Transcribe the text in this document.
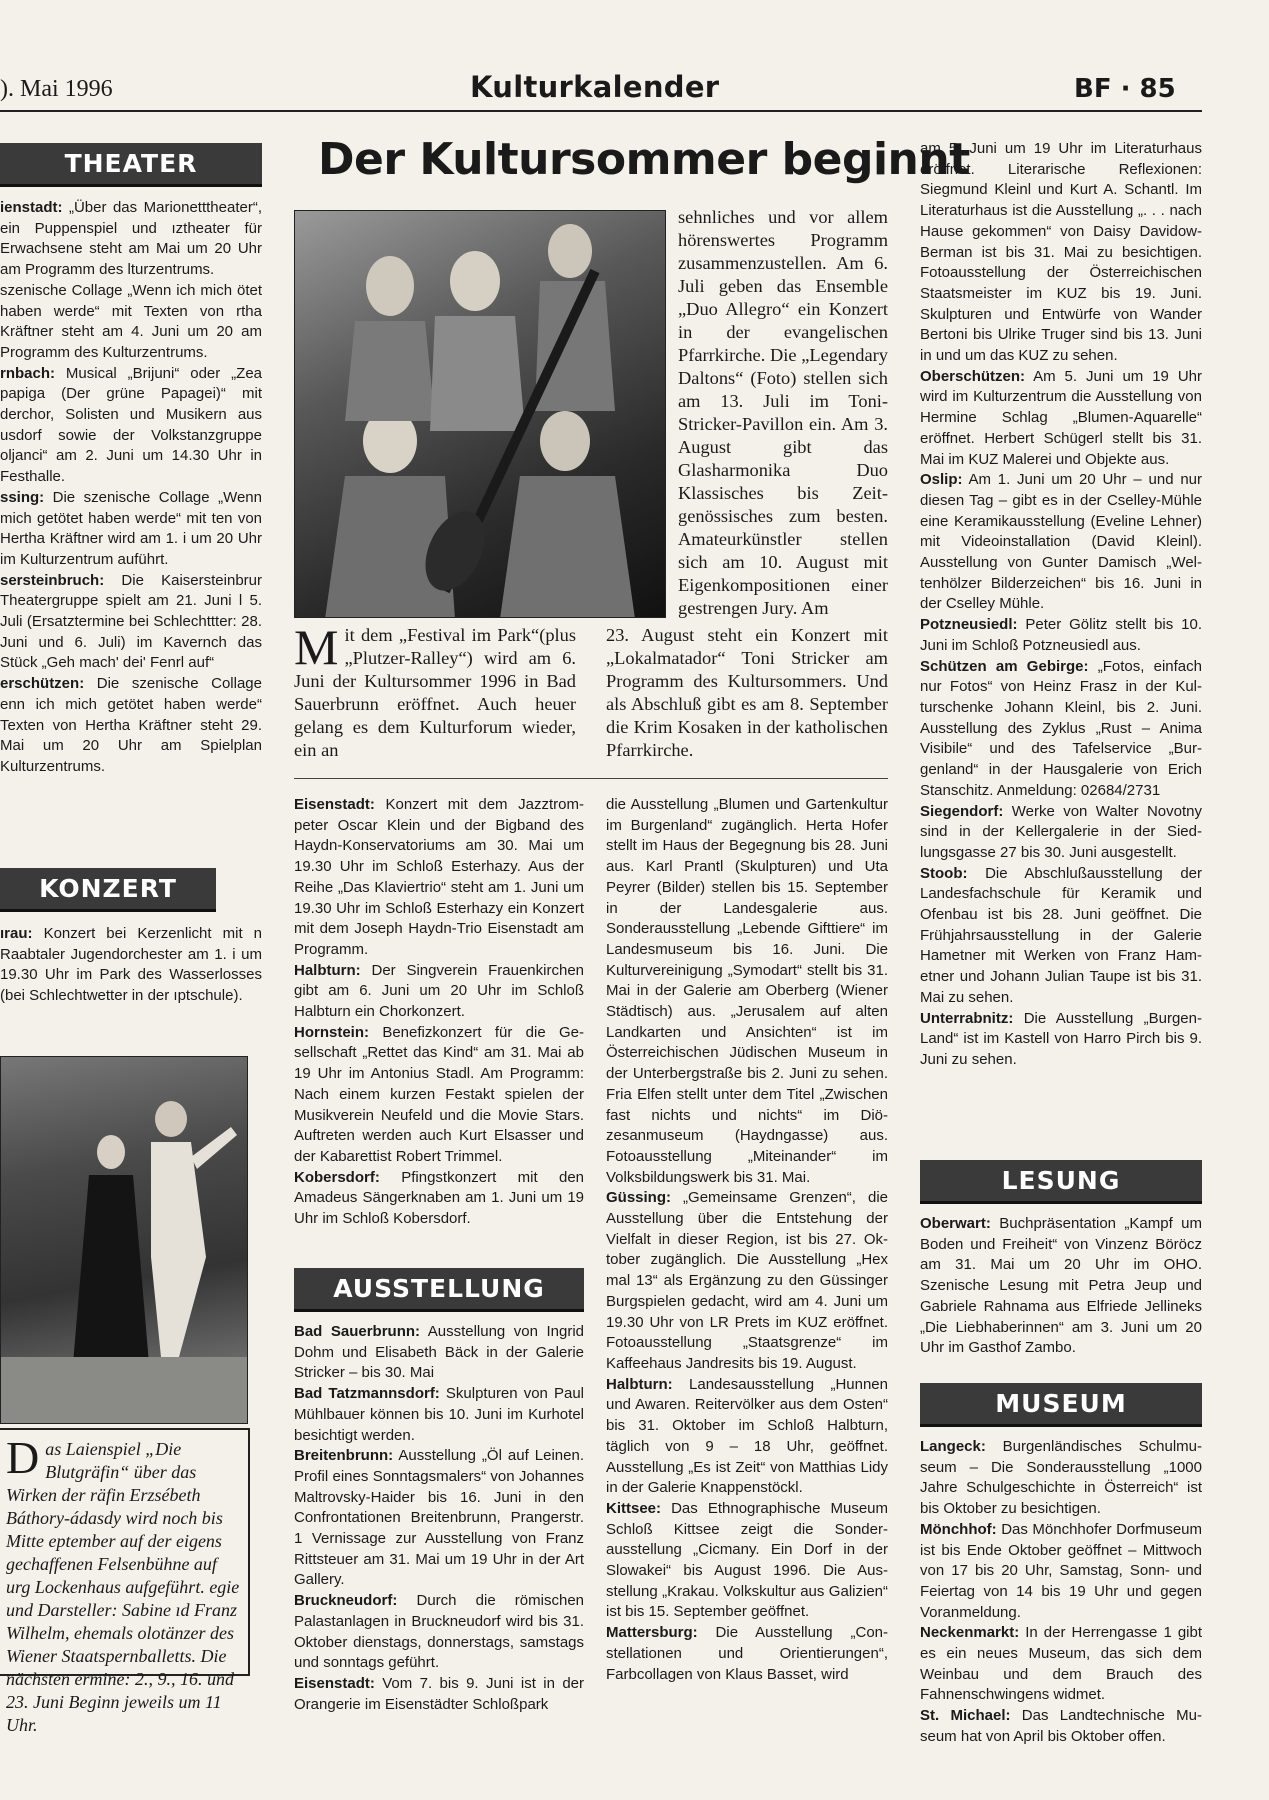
). Mai 1996	Kulturkalender	BF · 85
THEATER

ienstadt: „Über das Marionetttheater“, ein Puppenspiel und ıztheater für Erwachsene steht am Mai um 20 Uhr am Programm des lturzentrums.

szenische Collage „Wenn ich mich ötet haben werde“ mit Texten von rtha Kräftner steht am 4. Juni um 20 am Programm des Kulturzentrums.

rnbach: Musical „Brijuni“ oder „Zea papiga (Der grüne Papagei)“ mit derchor, Solisten und Musikern aus usdorf sowie der Volkstanzgruppe oljanci“ am 2. Juni um 14.30 Uhr in Festhalle.

ssing: Die szenische Collage „Wenn mich getötet haben werde“ mit ten von Hertha Kräftner wird am 1. i um 20 Uhr im Kulturzentrum auführt.

sersteinbruch: Die Kaisersteinbrur Theatergruppe spielt am 21. Juni l 5. Juli (Ersatztermine bei Schlechttter: 28. Juni und 6. Juli) im Kavernch das Stück „Geh mach' dei' Fenrl auf“

erschützen: Die szenische Collage enn ich mich getötet haben werde“ Texten von Hertha Kräftner steht 29. Mai um 20 Uhr am Spielplan Kulturzentrums.

KONZERT

ırau: Konzert bei Kerzenlicht mit n Raabtaler Jugendorchester am 1. i um 19.30 Uhr im Park des Wasserlosses (bei Schlechtwetter in der ıptschule).

D as Laienspiel „Die Blutgräfin“ über das Wirken der räfin Erzsébeth Báthory-ádasdy wird noch bis Mitte eptember auf der eigens gechaffenen Felsenbühne auf urg Lockenhaus aufgeführt. egie und Darsteller: Sabine ıd Franz Wilhelm, ehemals olotänzer des Wiener Staatspernballetts. Die nächsten ermine: 2., 9., 16. und 23. Juni Beginn jeweils um 11 Uhr.
Der Kultursommer beginnt
sehnliches und vor allem hörenswertes Programm zusammenzustellen. Am 6. Juli geben das Ensemble „Duo Allegro“ ein Konzert in der evangelischen Pfarrkirche. Die „Legendary Daltons“ (Foto) stellen sich am 13. Juli im Toni-Stricker-Pavillon ein. Am 3. August gibt das Glasharmonika Duo Klassisches bis Zeitgenössisches zum besten. Amateurkünstler stellen sich am 10. August mit Eigenkompositionen einer gestrengen Jury. Am
M it dem „Festival im Park“(plus „Plutzer-Ralley“) wird am 6. Juni der Kultursommer 1996 in Bad Sauerbrunn eröffnet. Auch heuer gelang es dem Kulturforum wieder, ein an
23. August steht ein Konzert mit „Lokalmatador“ Toni Stricker am Programm des Kultursommers. Und als Abschluß gibt es am 8. September die Krim Kosaken in der katholischen Pfarrkirche.

Eisenstadt: Konzert mit dem Jazztrompeter Oscar Klein und der Bigband des Haydn-Konservatoriums am 30. Mai um 19.30 Uhr im Schloß Esterhazy. Aus der Reihe „Das Klaviertrio“ steht am 1. Juni um 19.30 Uhr im Schloß Esterhazy ein Konzert mit dem Joseph Haydn-Trio Eisenstadt am Programm.

Halbturn: Der Singverein Frauenkirchen gibt am 6. Juni um 20 Uhr im Schloß Halbturn ein Chorkonzert.

Hornstein: Benefizkonzert für die Gesellschaft „Rettet das Kind“ am 31. Mai ab 19 Uhr im Antonius Stadl. Am Programm: Nach einem kurzen Festakt spielen der Musikverein Neufeld und die Movie Stars. Auftreten werden auch Kurt Elsasser und der Kabarettist Robert Trimmel.

Kobersdorf: Pfingstkonzert mit den Amadeus Sängerknaben am 1. Juni um 19 Uhr im Schloß Kobersdorf.

AUSSTELLUNG

Bad Sauerbrunn: Ausstellung von Ingrid Dohm und Elisabeth Bäck in der Galerie Stricker – bis 30. Mai

Bad Tatzmannsdorf: Skulpturen von Paul Mühlbauer können bis 10. Juni im Kurhotel besichtigt werden.

Breitenbrunn: Ausstellung „Öl auf Leinen. Profil eines Sonntagsmalers“ von Johannes Maltrovsky-Haider bis 16. Juni in den Confrontationen Breitenbrunn, Prangerstr. 1 Vernissage zur Ausstellung von Franz Rittsteuer am 31. Mai um 19 Uhr in der Art Gallery.

Bruckneudorf: Durch die römischen Palastanlagen in Bruckneudorf wird bis 31. Oktober dienstags, donnerstags, samstags und sonntags geführt.

Eisenstadt: Vom 7. bis 9. Juni ist in der Orangerie im Eisenstädter Schloßpark

die Ausstellung „Blumen und Gartenkultur im Burgenland“ zugänglich. Herta Hofer stellt im Haus der Begegnung bis 28. Juni aus. Karl Prantl (Skulpturen) und Uta Peyrer (Bilder) stellen bis 15. September in der Landesgalerie aus. Sonderausstellung „Lebende Gifttiere“ im Landesmuseum bis 16. Juni. Die Kulturvereinigung „Symodart“ stellt bis 31. Mai in der Galerie am Oberberg (Wiener Städtisch) aus. „Jerusalem auf alten Landkarten und Ansichten“ ist im Österreichischen Jüdischen Museum in der Unterbergstraße bis 2. Juni zu sehen. Fria Elfen stellt unter dem Titel „Zwischen fast nichts und nichts“ im Diözesanmuseum (Haydngasse) aus. Fotoausstellung „Miteinander“ im Volksbildungswerk bis 31. Mai.

Güssing: „Gemeinsame Grenzen“, die Ausstellung über die Entstehung der Vielfalt in dieser Region, ist bis 27. Oktober zugänglich. Die Ausstellung „Hex mal 13“ als Ergänzung zu den Güssinger Burgspielen gedacht, wird am 4. Juni um 19.30 Uhr von LR Prets im KUZ eröffnet. Fotoausstellung „Staatsgrenze“ im Kaffeehaus Jandresits bis 19. August.

Halbturn: Landesausstellung „Hunnen und Awaren. Reitervölker aus dem Osten“ bis 31. Oktober im Schloß Halbturn, täglich von 9 – 18 Uhr, geöffnet. Ausstellung „Es ist Zeit“ von Matthias Lidy in der Galerie Knappenstöckl.

Kittsee: Das Ethnographische Museum Schloß Kittsee zeigt die Sonderausstellung „Cicmany. Ein Dorf in der Slowakei“ bis August 1996. Die Ausstellung „Krakau. Volkskultur aus Galizien“ ist bis 15. September geöffnet.

Mattersburg: Die Ausstellung „Constellationen und Orientierungen“, Farbcollagen von Klaus Basset, wird

am 5. Juni um 19 Uhr im Literaturhaus eröffnet. Literarische Reflexionen: Siegmund Kleinl und Kurt A. Schantl. Im Literaturhaus ist die Ausstellung „. . . nach Hause gekommen“ von Daisy Davidow-Berman ist bis 31. Mai zu besichtigen. Fotoausstellung der Österreichischen Staatsmeister im KUZ bis 19. Juni. Skulpturen und Entwürfe von Wander Bertoni bis Ulrike Truger sind bis 13. Juni in und um das KUZ zu sehen.

Oberschützen: Am 5. Juni um 19 Uhr wird im Kulturzentrum die Ausstellung von Hermine Schlag „Blumen-Aquarelle“ eröffnet. Herbert Schügerl stellt bis 31. Mai im KUZ Malerei und Objekte aus.

Oslip: Am 1. Juni um 20 Uhr – und nur diesen Tag – gibt es in der Cselley-Mühle eine Keramikausstellung (Eveline Lehner) mit Videoinstallation (David Kleinl). Ausstellung von Gunter Damisch „Weltenhölzer Bilderzeichen“ bis 16. Juni in der Cselley Mühle.

Potzneusiedl: Peter Gölitz stellt bis 10. Juni im Schloß Potzneusiedl aus.

Schützen am Gebirge: „Fotos, einfach nur Fotos“ von Heinz Frasz in der Kulturschenke Johann Kleinl, bis 2. Juni. Ausstellung des Zyklus „Rust – Anima Visibile“ und des Tafelservice „Burgenland“ in der Hausgalerie von Erich Stanschitz. Anmeldung: 02684/2731

Siegendorf: Werke von Walter Novotny sind in der Kellergalerie in der Siedlungsgasse 27 bis 30. Juni ausgestellt.

Stoob: Die Abschlußausstellung der Landesfachschule für Keramik und Ofenbau ist bis 28. Juni geöffnet. Die Frühjahrsausstellung in der Galerie Hametner mit Werken von Franz Hametner und Johann Julian Taupe ist bis 31. Mai zu sehen.

Unterrabnitz: Die Ausstellung „Burgen-Land“ ist im Kastell von Harro Pirch bis 9. Juni zu sehen.

LESUNG

Oberwart: Buchpräsentation „Kampf um Boden und Freiheit“ von Vinzenz Böröcz am 31. Mai um 20 Uhr im OHO. Szenische Lesung mit Petra Jeup und Gabriele Rahnama aus Elfriede Jellineks „Die Liebhaberinnen“ am 3. Juni um 20 Uhr im Gasthof Zambo.

MUSEUM

Langeck: Burgenländisches Schulmuseum – Die Sonderausstellung „1000 Jahre Schulgeschichte in Österreich“ ist bis Oktober zu besichtigen.

Mönchhof: Das Mönchhofer Dorfmuseum ist bis Ende Oktober geöffnet – Mittwoch von 17 bis 20 Uhr, Samstag, Sonn- und Feiertag von 14 bis 19 Uhr und gegen Voranmeldung.

Neckenmarkt: In der Herrengasse 1 gibt es ein neues Museum, das sich dem Weinbau und dem Brauch des Fahnenschwingens widmet.

St. Michael: Das Landtechnische Museum hat von April bis Oktober offen.
